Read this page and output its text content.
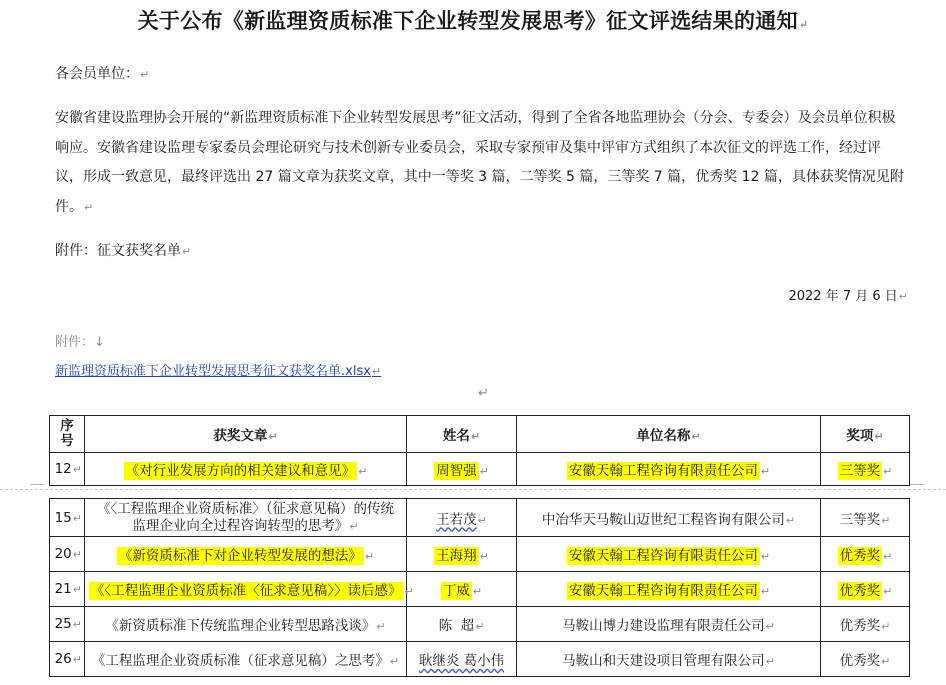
关于公布《新监理资质标准下企业转型发展思考》征文评选结果的通知↵
各会员单位：↵
安徽省建设监理协会开展的“新监理资质标准下企业转型发展思考”征文活动，得到了全省各地监理协会（分会、专委会）及会员单位积极响应。安徽省建设监理专家委员会理论研究与技术创新专业委员会，采取专家预审及集中评审方式组织了本次征文的评选工作，经过评议，形成一致意见，最终评选出 27 篇文章为获奖文章，其中一等奖 3 篇，二等奖 5 篇，三等奖 7 篇，优秀奖 12 篇，具体获奖情况见附件。↵
附件：征文获奖名单↵
2022 年 7 月 6 日↵
附件：↓
新监理资质标准下企业转型发展思考征文获奖名单.xlsx↵
↵
序
号	获奖文章↵	姓名↵	单位名称↵	奖项↵
12↵	《对行业发展方向的相关建议和意见》 ↵	周智强 ↵	安徽天翰工程咨询有限责任公司 ↵	三等奖 ↵
15↵	《〈工程监理企业资质标准〉（征求意见稿）的传统
监理企业向全过程咨询转型的思考》↵	王若茂↵	中冶华天马鞍山迈世纪工程咨询有限公司↵	三等奖↵
20↵	《新资质标准下对企业转型发展的想法》 ↵	王海翔 ↵	安徽天翰工程咨询有限责任公司 ↵	优秀奖 ↵
21↵	《〈工程监理企业资质标准〈征求意见稿〉〉读后感》 ↵	丁威 ↵	安徽天翰工程咨询有限责任公司 ↵	优秀奖 ↵
25↵	《新资质标准下传统监理企业转型思路浅谈》↵	陈  超↵	马鞍山博力建设监理有限责任公司↵	优秀奖↵
26↵	《工程监理企业资质标准（征求意见稿）之思考》↵	耿继炎 葛小伟	马鞍山和天建设项目管理有限公司↵	优秀奖↵
